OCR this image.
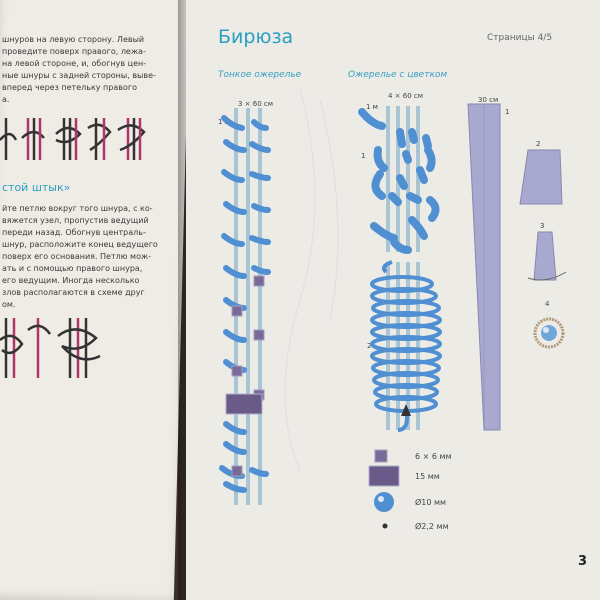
шнуров на левую сторону. Левый
проведите поверх правого, лежа-
на левой стороне, и, обогнув цен-
ные шнуры с задней стороны, выве-
вперед через петельку правого
а.
стой штык»
йте петлю вокруг того шнура, с ко-
вяжется узел, пропустив ведущий
переди назад. Обогнув централь-
шнур, расположите конец ведущего
поверх его основания. Петлю мож-
ать и с помощью правого шнура,
его ведущим. Иногда несколько
злов располагаются в схеме друг
ом.
Бирюза	Страницы 4/5
Тонкое ожерелье	Ожерелье с цветком
3 × 60 см
1 м
4 × 60 см
1 м
1
2
30 см
1
2
3
4
6 × 6 мм
15 мм
Ø10 мм
Ø2,2 мм
3
